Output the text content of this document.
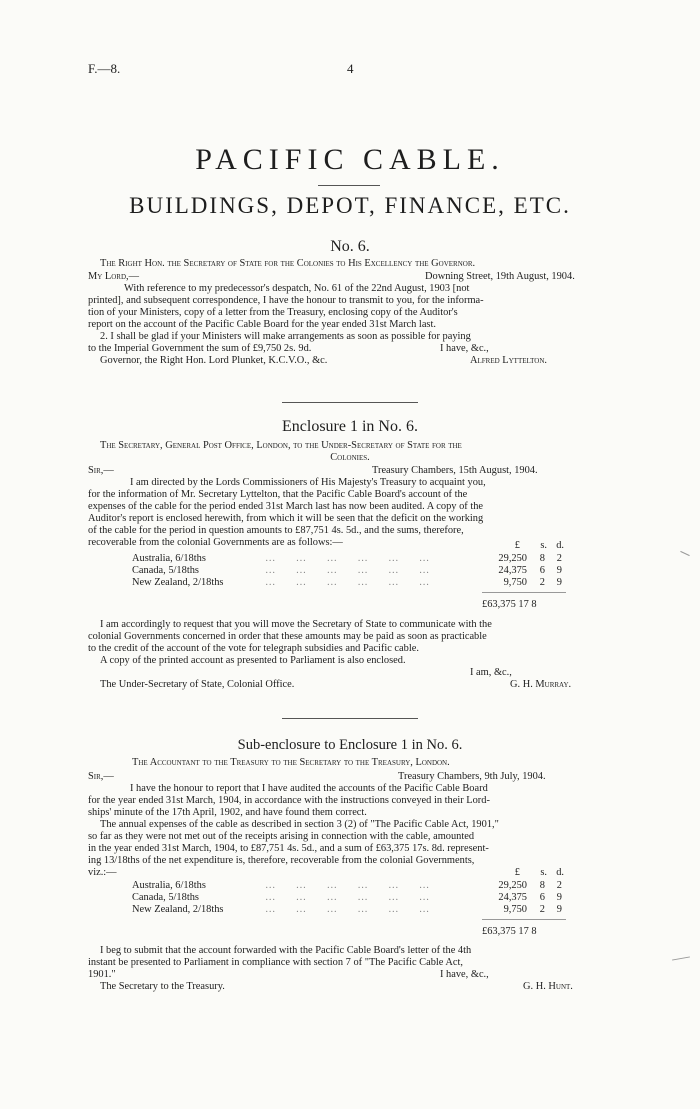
F.—8.	4
PACIFIC CABLE.
BUILDINGS, DEPOT, FINANCE, ETC.
No. 6.
The Right Hon. the Secretary of State for the Colonies to His Excellency the Governor.
My Lord,—	Downing Street, 19th August, 1904.
With reference to my predecessor's despatch, No. 61 of the 22nd August, 1903 [not
printed], and subsequent correspondence, I have the honour to transmit to you, for the informa-
tion of your Ministers, copy of a letter from the Treasury, enclosing copy of the Auditor's
report on the account of the Pacific Cable Board for the year ended 31st March last.
2. I shall be glad if your Ministers will make arrangements as soon as possible for paying
to the Imperial Government the sum of £9,750 2s. 9d.	I have, &c.,
Governor, the Right Hon. Lord Plunket, K.C.V.O., &c.	Alfred Lyttelton.
Enclosure 1 in No. 6.
The Secretary, General Post Office, London, to the Under-Secretary of State for the
Colonies.
Sir,—	Treasury Chambers, 15th August, 1904.
I am directed by the Lords Commissioners of His Majesty's Treasury to acquaint you,
for the information of Mr. Secretary Lyttelton, that the Pacific Cable Board's account of the
expenses of the cable for the period ended 31st March last has now been audited. A copy of the
Auditor's report is enclosed herewith, from which it will be seen that the deficit on the working
of the cable for the period in question amounts to £87,751 4s. 5d., and the sums, therefore,
recoverable from the colonial Governments are as follows:—	£	s. d.
Australia, 6/18ths	…    …    …    …    …    …	29,250	8	2
Canada, 5/18ths	…    …    …    …    …    …	24,375	6	9
New Zealand, 2/18ths	…    …    …    …    …    …	9,750	2	9
£63,375 17 8
I am accordingly to request that you will move the Secretary of State to communicate with the
colonial Governments concerned in order that these amounts may be paid as soon as practicable
to the credit of the account of the vote for telegraph subsidies and Pacific cable.
A copy of the printed account as presented to Parliament is also enclosed.
I am, &c.,
The Under-Secretary of State, Colonial Office.	G. H. Murray.
Sub-enclosure to Enclosure 1 in No. 6.
The Accountant to the Treasury to the Secretary to the Treasury, London.
Sir,—	Treasury Chambers, 9th July, 1904.
I have the honour to report that I have audited the accounts of the Pacific Cable Board
for the year ended 31st March, 1904, in accordance with the instructions conveyed in their Lord-
ships' minute of the 17th April, 1902, and have found them correct.
The annual expenses of the cable as described in section 3 (2) of "The Pacific Cable Act, 1901,"
so far as they were not met out of the receipts arising in connection with the cable, amounted
in the year ended 31st March, 1904, to £87,751 4s. 5d., and a sum of £63,375 17s. 8d. represent-
ing 13/18ths of the net expenditure is, therefore, recoverable from the colonial Governments,
viz.:—	£	s. d.
Australia, 6/18ths	…    …    …    …    …    …	29,250	8	2
Canada, 5/18ths	…    …    …    …    …    …	24,375	6	9
New Zealand, 2/18ths	…    …    …    …    …    …	9,750	2	9
£63,375 17 8
I beg to submit that the account forwarded with the Pacific Cable Board's letter of the 4th
instant be presented to Parliament in compliance with section 7 of "The Pacific Cable Act,
1901."	I have, &c.,
The Secretary to the Treasury.	G. H. Hunt.
